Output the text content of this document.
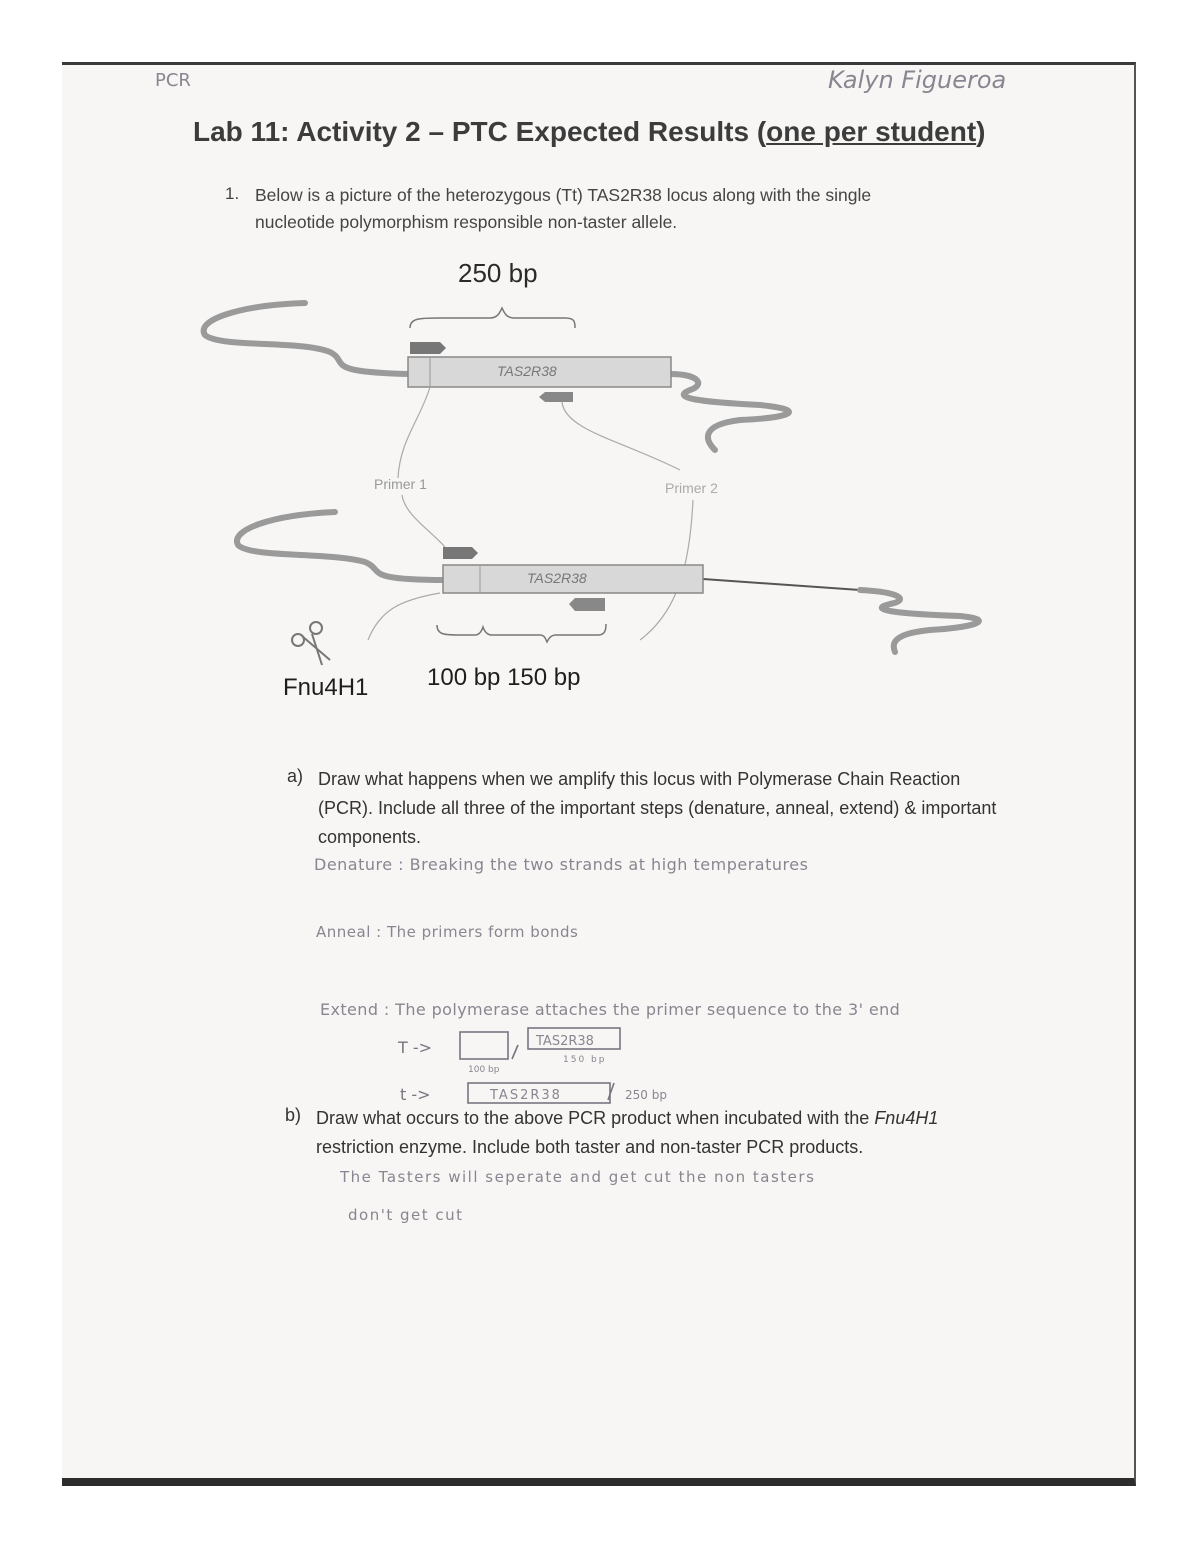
PCR	Kalyn Figueroa
Lab 11: Activity 2 – PTC Expected Results (one per student)
1. Below is a picture of the heterozygous (Tt) TAS2R38 locus along with the single nucleotide polymorphism responsible non-taster allele.
TAS2R38
Primer 1	Primer 2
TAS2R38
TAS2R38
TAS2R38
100 bp
150 bp
250 bp
T ->
t ->
250 bp
Fnu4H1 100 bp 150 bp
a) Draw what happens when we amplify this locus with Polymerase Chain Reaction (PCR). Include all three of the important steps (denature, anneal, extend) & important components.
Denature : Breaking the two strands at high temperatures
Anneal : The primers form bonds
Extend : The polymerase attaches the primer sequence to the 3' end
b) Draw what occurs to the above PCR product when incubated with the Fnu4H1 restriction enzyme. Include both taster and non-taster PCR products.
The Tasters will seperate and get cut the non tasters
don't get cut
